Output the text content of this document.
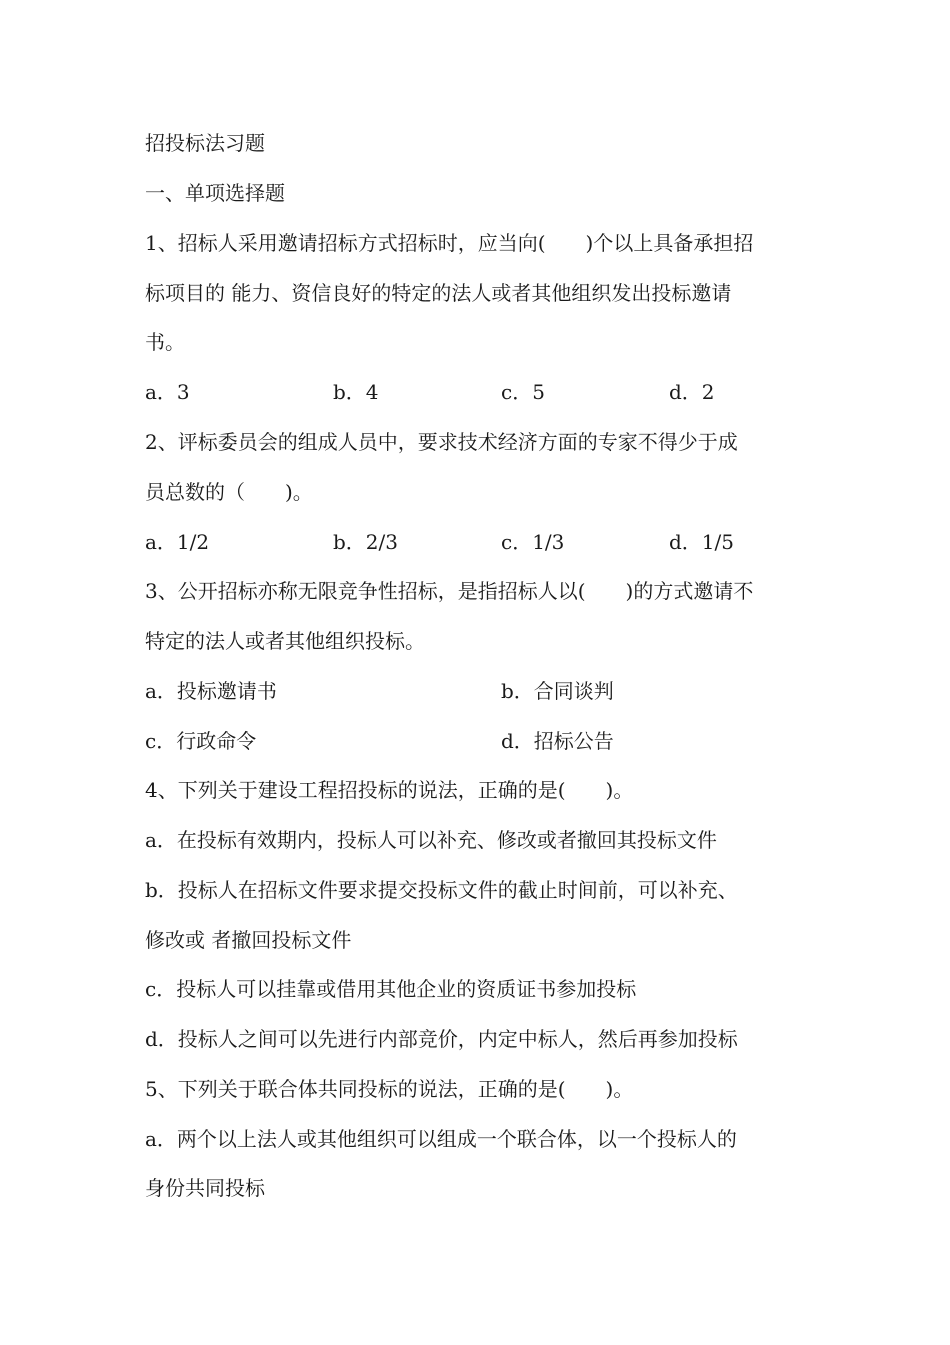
招投标法习题
一、单项选择题
1、招标人采用邀请招标方式招标时，应当向(　　)个以上具备承担招
标项目的 能力、资信良好的特定的法人或者其他组织发出投标邀请
书。
a．3	b．4	c．5	d．2
2、评标委员会的组成人员中，要求技术经济方面的专家不得少于成
员总数的（　　)。
a．1/2	b．2/3	c．1/3	d．1/5
3、公开招标亦称无限竞争性招标，是指招标人以(　　)的方式邀请不
特定的法人或者其他组织投标。
a．投标邀请书	b．合同谈判
c．行政命令	d．招标公告
4、下列关于建设工程招投标的说法，正确的是(　　)。
a．在投标有效期内，投标人可以补充、修改或者撤回其投标文件
b．投标人在招标文件要求提交投标文件的截止时间前，可以补充、
修改或 者撤回投标文件
c．投标人可以挂靠或借用其他企业的资质证书参加投标
d．投标人之间可以先进行内部竞价，内定中标人，然后再参加投标
5、下列关于联合体共同投标的说法，正确的是(　　)。
a．两个以上法人或其他组织可以组成一个联合体，以一个投标人的
身份共同投标
